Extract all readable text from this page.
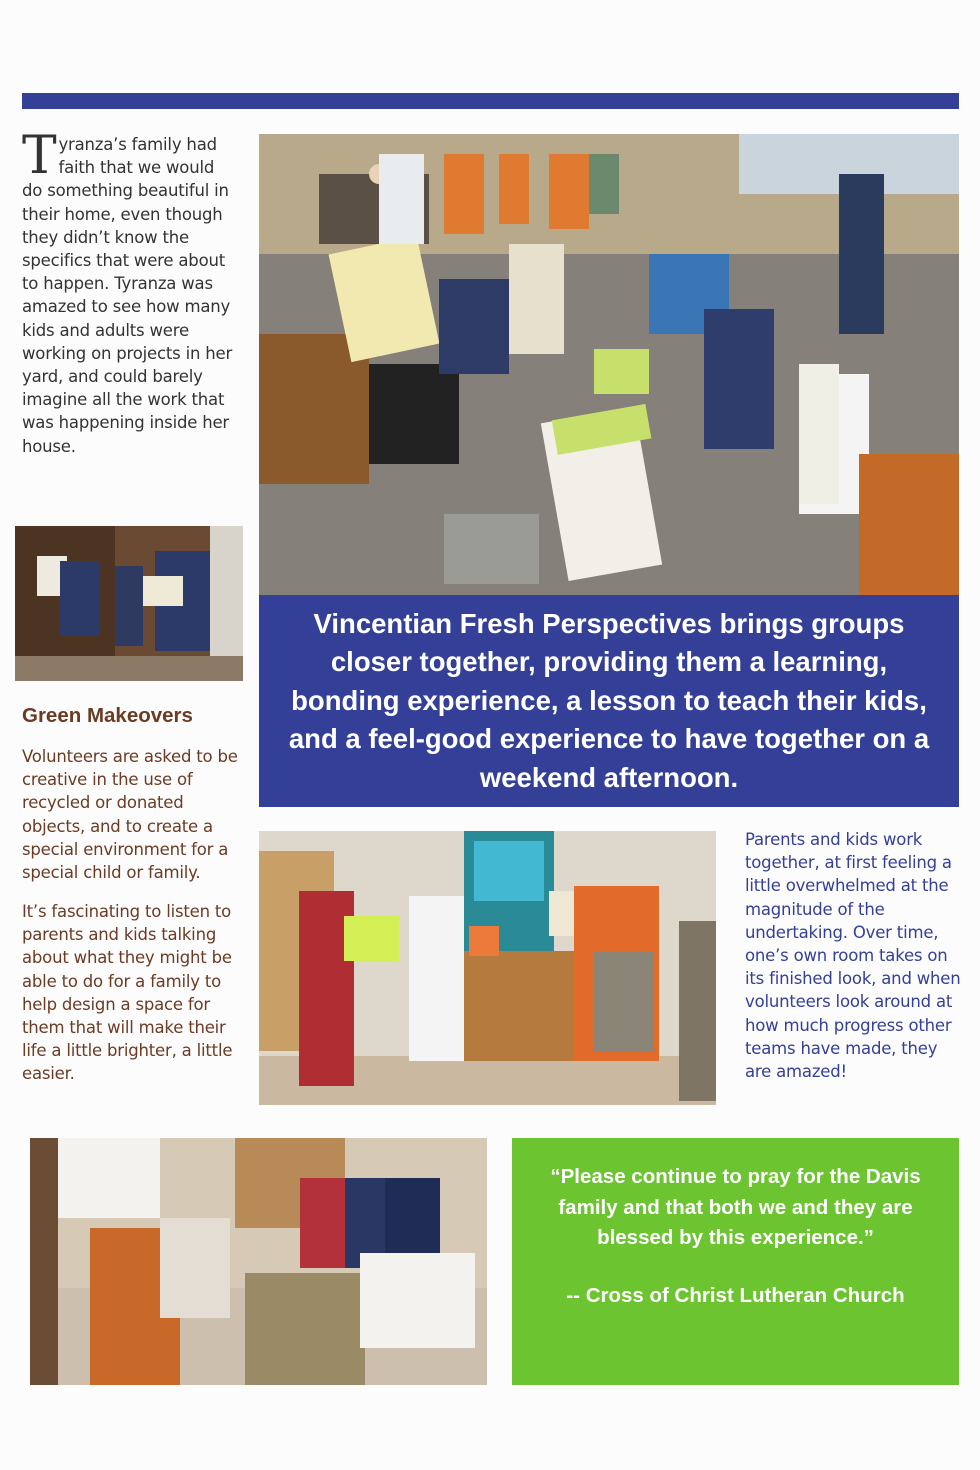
Tyranza’s family had faith that we would do something beautiful in their home, even though they didn’t know the specifics that were about to happen. Tyranza was amazed to see how many kids and adults were working on projects in her yard, and could barely imagine all the work that was happening inside her house.

Vincentian Fresh Perspectives brings groups closer together, providing them a learning, bonding experience, a lesson to teach their kids, and a feel-good experience to have together on a weekend afternoon.

Green Makeovers

Volunteers are asked to be creative in the use of recycled or donated objects, and to create a special environment for a special child or family.

It’s fascinating to listen to parents and kids talking about what they might be able to do for a family to help design a space for them that will make their life a little brighter, a little easier.

Parents and kids work together, at first feeling a little overwhelmed at the magnitude of the undertaking. Over time, one’s own room takes on its finished look, and when volunteers look around at how much progress other teams have made, they are amazed!

“Please continue to pray for the Davis family and that both we and they are blessed by this experience.”

-- Cross of Christ Lutheran Church
